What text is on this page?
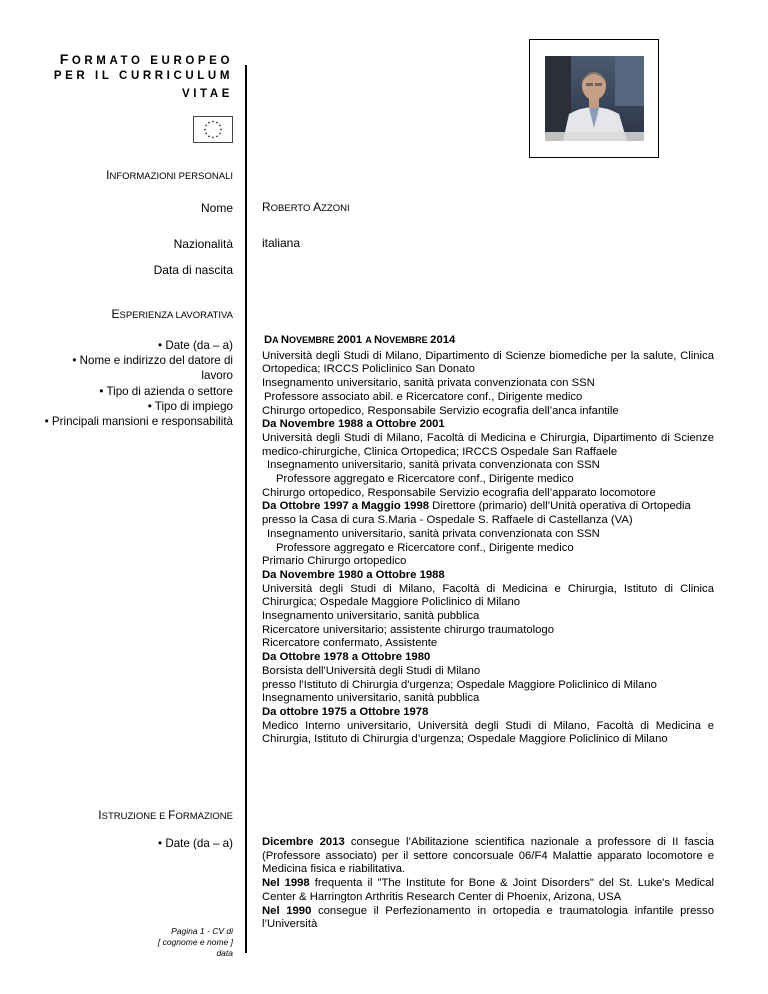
FORMATO EUROPEO
PER IL CURRICULUM
VITAE
INFORMAZIONI PERSONALI
Nome ROBERTO AZZONI
Nazionalità italiana
Data di nascita
ESPERIENZA LAVORATIVA
• Date (da – a)
• Nome e indirizzo del datore di lavoro
• Tipo di azienda o settore
• Tipo di impiego
• Principali mansioni e responsabilità

DA NOVEMBRE 2001 A NOVEMBRE 2014

Università degli Studi di Milano, Dipartimento di Scienze biomediche per la salute, Clinica Ortopedica; IRCCS Policlinico San Donato

Insegnamento universitario, sanità privata convenzionata con SSN

Professore associato abil. e Ricercatore conf., Dirigente medico

Chirurgo ortopedico, Responsabile Servizio ecografia dell’anca infantile

Da Novembre 1988 a Ottobre 2001

Università degli Studi di Milano, Facoltà di Medicina e Chirurgia, Dipartimento di Scienze medico-chirurgiche, Clinica Ortopedica; IRCCS Ospedale San Raffaele

Insegnamento universitario, sanità privata convenzionata con SSN

Professore aggregato e Ricercatore conf., Dirigente medico

Chirurgo ortopedico, Responsabile Servizio ecografia dell’apparato locomotore

Da Ottobre 1997 a Maggio 1998 Direttore (primario) dell’Unità operativa di Ortopedia

presso la Casa di cura S.Maria - Ospedale S. Raffaele di Castellanza (VA)

Insegnamento universitario, sanità privata convenzionata con SSN

Professore aggregato e Ricercatore conf., Dirigente medico

Primario Chirurgo ortopedico

Da Novembre 1980 a Ottobre 1988

Università degli Studi di Milano, Facoltà di Medicina e Chirurgia, Istituto di Clinica Chirurgica; Ospedale Maggiore Policlinico di Milano

Insegnamento universitario, sanità pubblica

Ricercatore universitario; assistente chirurgo traumatologo

Ricercatore confermato, Assistente

Da Ottobre 1978 a Ottobre 1980

Borsista dell'Università degli Studi di Milano

presso l'Istituto di Chirurgia d'urgenza; Ospedale Maggiore Policlinico di Milano

Insegnamento universitario, sanità pubblica

Da ottobre 1975 a Ottobre 1978

Medico Interno universitario, Università degli Studi di Milano, Facoltà di Medicina e Chirurgia, Istituto di Chirurgia d’urgenza; Ospedale Maggiore Policlinico di Milano

ISTRUZIONE E FORMAZIONE
• Date (da – a)	Dicembre 2013 consegue l’Abilitazione scientifica nazionale a professore di II fascia (Professore associato) per il settore concorsuale 06/F4 Malattie apparato locomotore e Medicina fisica e riabilitativa.

Nel 1998 frequenta il "The Institute for Bone & Joint Disorders" del St. Luke's Medical Center & Harrington Arthritis Research Center di Phoenix, Arizona, USA

Nel 1990 consegue il Perfezionamento in ortopedia e traumatologia infantile presso l’Università

Pagina 1 - CV di
[ cognome e nome ]
data
